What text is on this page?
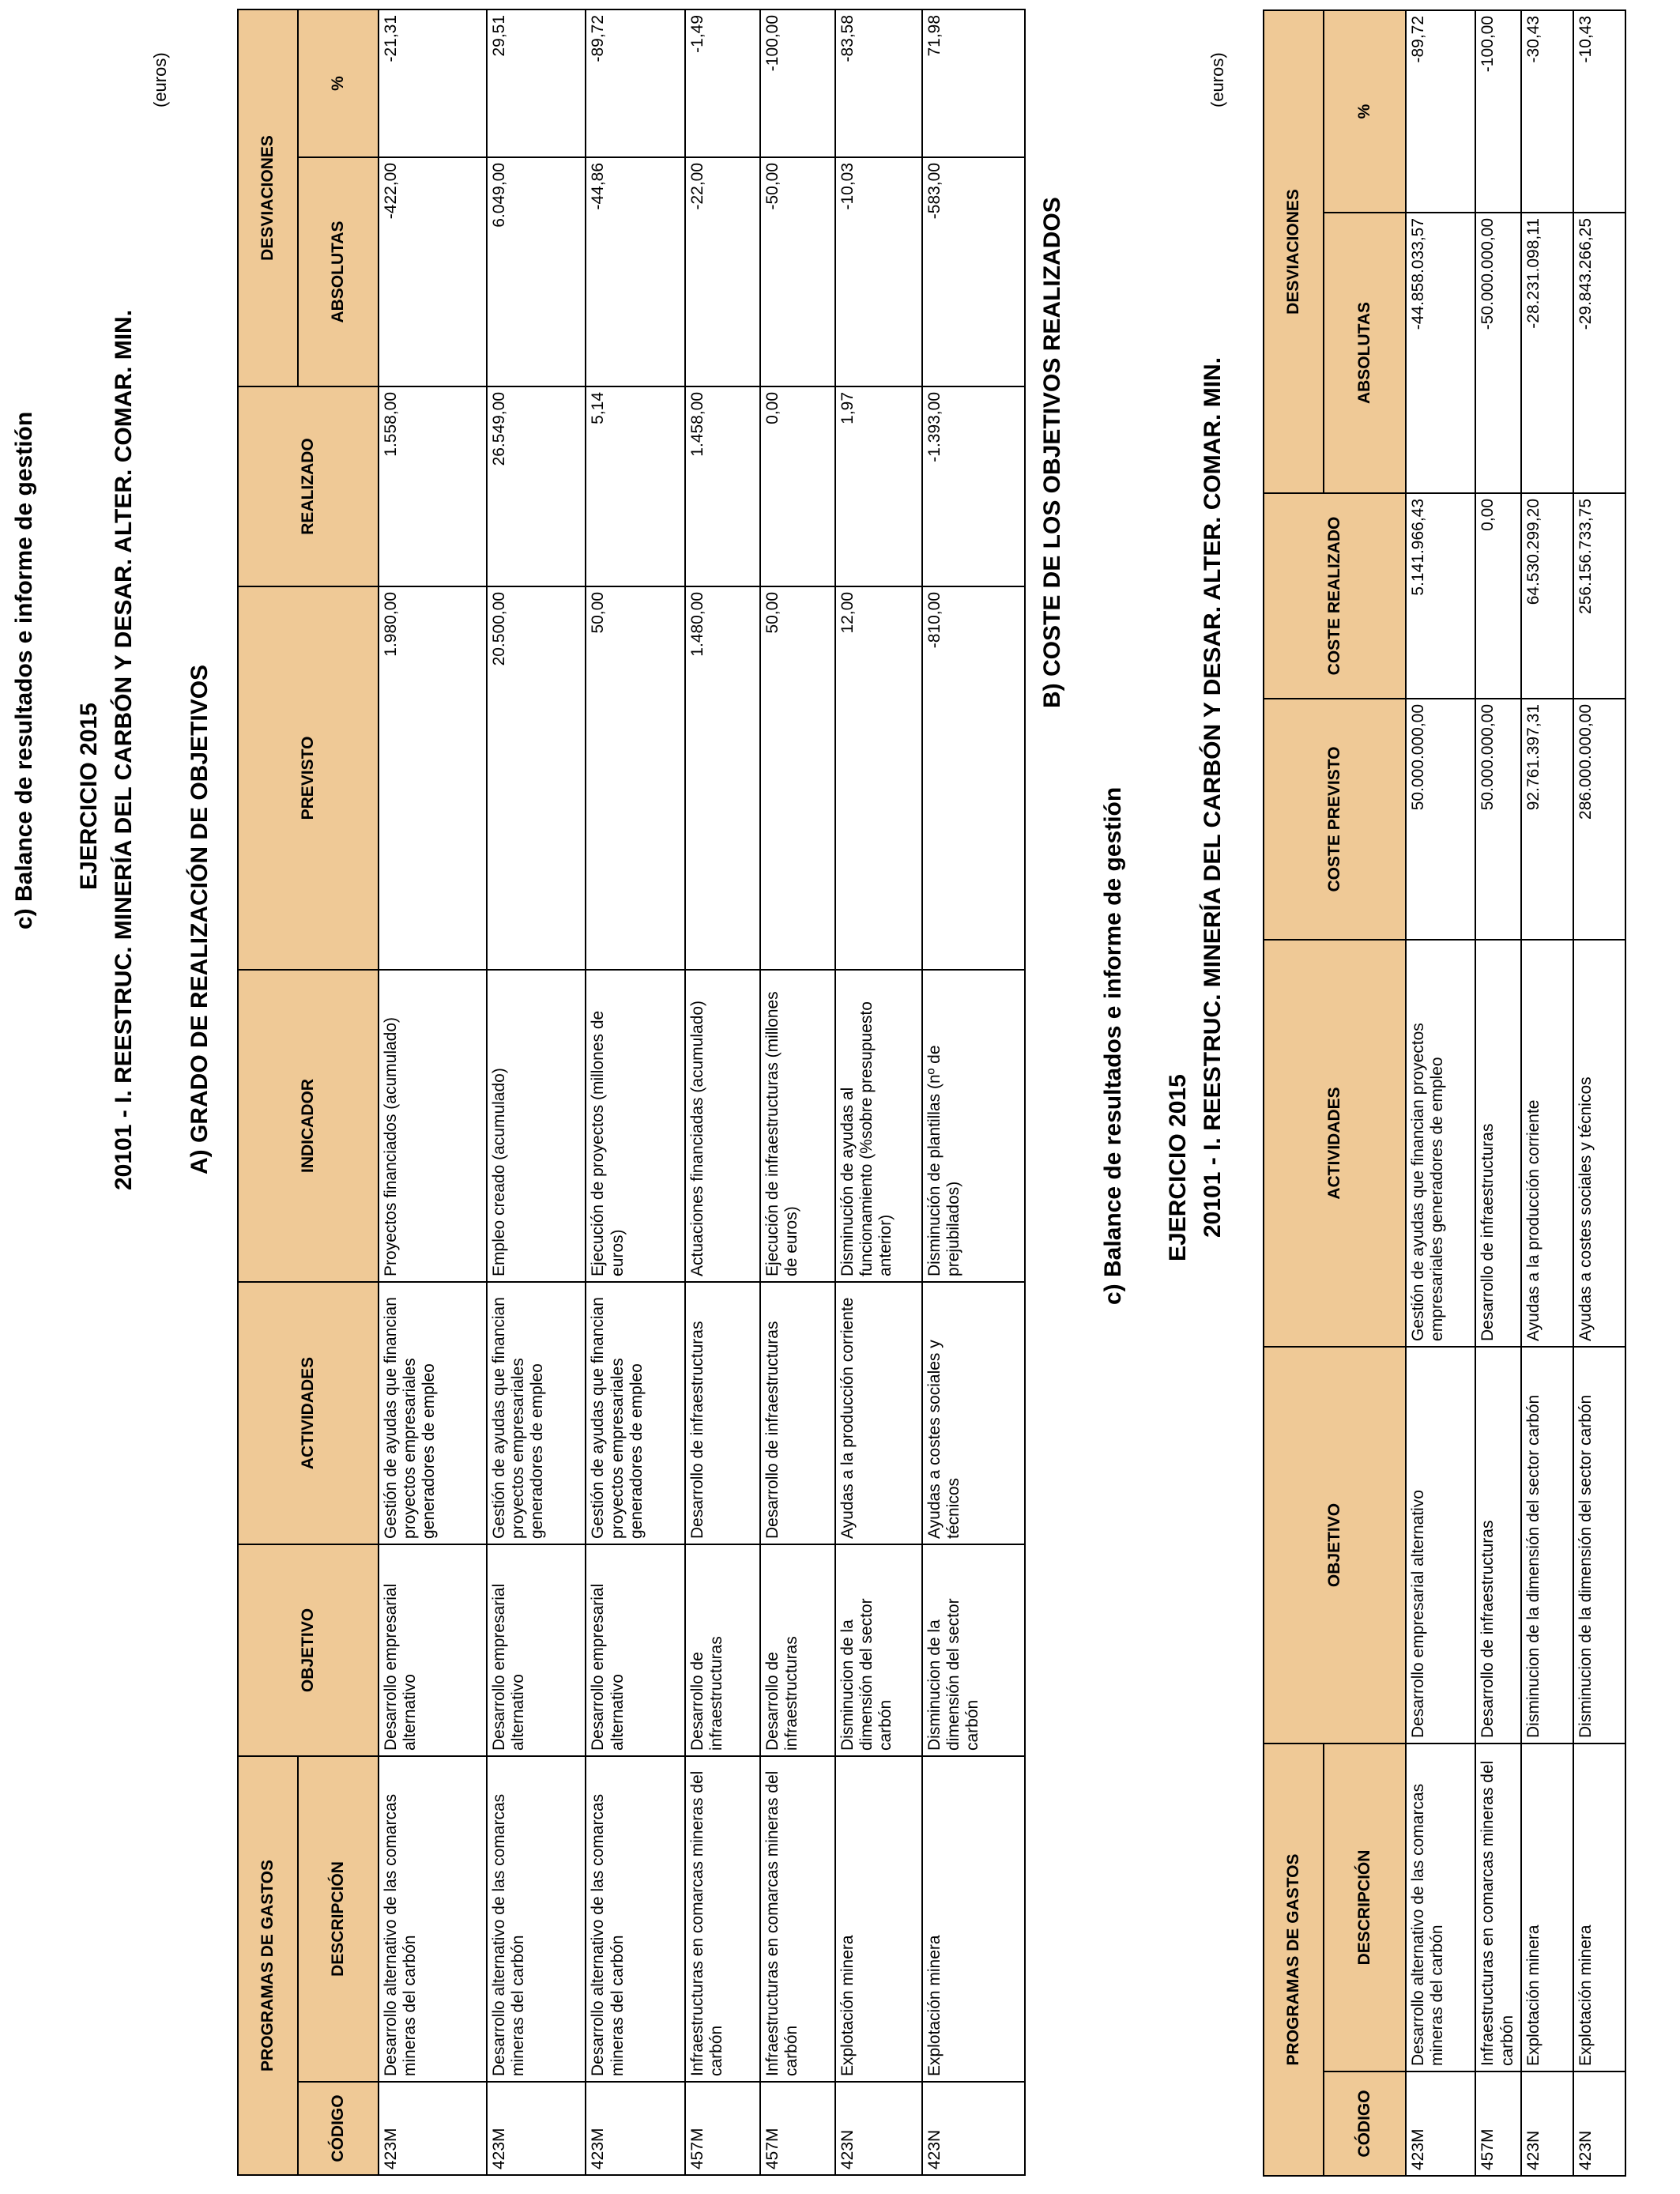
c) Balance de resultados e informe de gestión EJERCICIO 2015 20101 - I. REESTRUC. MINERÍA DEL CARBÓN Y DESAR. ALTER. COMAR. MIN.
(euros)
A) GRADO DE REALIZACIÓN DE OBJETIVOS
PROGRAMAS DE GASTOS		OBJETIVO	ACTIVIDADES	INDICADOR	PREVISTO	REALIZADO	DESVIACIONES	
CÓDIGO	DESCRIPCIÓN						ABSOLUTAS	%
423M	Desarrollo alternativo de las comarcas mineras del carbón	Desarrollo empresarial alternativo	Gestión de ayudas que financian proyectos empresariales generadores de empleo	Proyectos financiados (acumulado)	1.980,00	1.558,00	-422,00	-21,31
423M	Desarrollo alternativo de las comarcas mineras del carbón	Desarrollo empresarial alternativo	Gestión de ayudas que financian proyectos empresariales generadores de empleo	Empleo creado (acumulado)	20.500,00	26.549,00	6.049,00	29,51
423M	Desarrollo alternativo de las comarcas mineras del carbón	Desarrollo empresarial alternativo	Gestión de ayudas que financian proyectos empresariales generadores de empleo	Ejecución de proyectos (millones de euros)	50,00	5,14	-44,86	-89,72
457M	Infraestructuras en comarcas mineras del carbón	Desarrollo de infraestructuras	Desarrollo de infraestructuras	Actuaciones financiadas (acumulado)	1.480,00	1.458,00	-22,00	-1,49
457M	Infraestructuras en comarcas mineras del carbón	Desarrollo de infraestructuras	Desarrollo de infraestructuras	Ejecución de infraestructuras (millones de euros)	50,00	0,00	-50,00	-100,00
423N	Explotación minera	Disminucion de la dimensión del sector carbón	Ayudas a la producción corriente	Disminución de ayudas al funcionamiento (%sobre presupuesto anterior)	12,00	1,97	-10,03	-83,58
423N	Explotación minera	Disminucion de la dimensión del sector carbón	Ayudas a costes sociales y técnicos	Disminución de plantillas (nº de prejubilados)	-810,00	-1.393,00	-583,00	71,98
B) COSTE DE LOS OBJETIVOS REALIZADOS
c) Balance de resultados e informe de gestión EJERCICIO 2015 20101 - I. REESTRUC. MINERÍA DEL CARBÓN Y DESAR. ALTER. COMAR. MIN.
(euros)
PROGRAMAS DE GASTOS		OBJETIVO	ACTIVIDADES	COSTE PREVISTO	COSTE REALIZADO	DESVIACIONES	
CÓDIGO	DESCRIPCIÓN					ABSOLUTAS	%
423M	Desarrollo alternativo de las comarcas mineras del carbón	Desarrollo empresarial alternativo	Gestión de ayudas que financian proyectos empresariales generadores de empleo	50.000.000,00	5.141.966,43	-44.858.033,57	-89,72
457M	Infraestructuras en comarcas mineras del carbón	Desarrollo de infraestructuras	Desarrollo de infraestructuras	50.000.000,00	0,00	-50.000.000,00	-100,00
423N	Explotación minera	Disminucion de la dimensión del sector carbón	Ayudas a la producción corriente	92.761.397,31	64.530.299,20	-28.231.098,11	-30,43
423N	Explotación minera	Disminucion de la dimensión del sector carbón	Ayudas a costes sociales y técnicos	286.000.000,00	256.156.733,75	-29.843.266,25	-10,43
